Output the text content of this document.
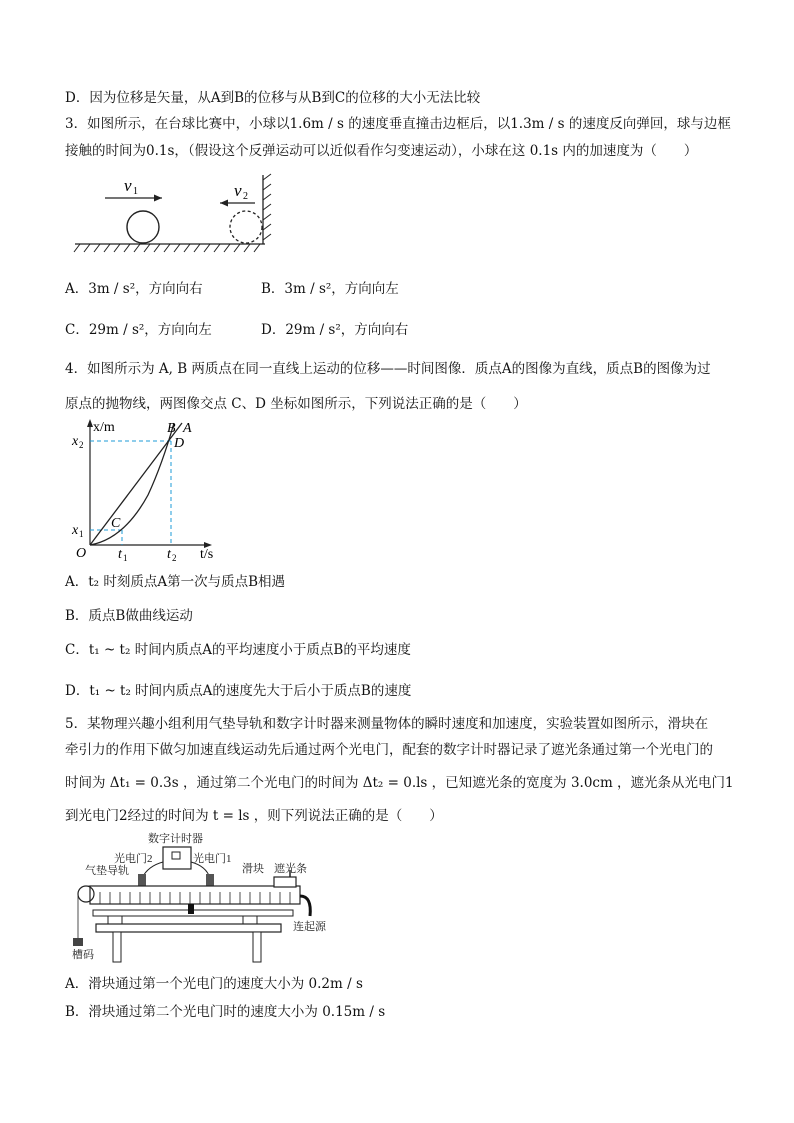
D．因为位移是矢量，从A到B的位移与从B到C的位移的大小无法比较
3．如图所示，在台球比赛中，小球以1.6m / s 的速度垂直撞击边框后，以1.3m / s 的速度反向弹回，球与边框
接触的时间为0.1s，（假设这个反弹运动可以近似看作匀变速运动），小球在这 0.1s 内的加速度为（　　）
v 1	v 2
A．3m / s²，方向向右	B．3m / s²，方向向左
C．29m / s²，方向向左	D．29m / s²，方向向右
4．如图所示为 A, B 两质点在同一直线上运动的位移——时间图像．质点A的图像为直线，质点B的图像为过
原点的抛物线，两图像交点 C、D 坐标如图所示，下列说法正确的是（　　）
x/m
t/s
O
B A
C
D
x 1
x 2
t 1	t 2
A．t₂ 时刻质点A第一次与质点B相遇
B．质点B做曲线运动
C．t₁ ~ t₂ 时间内质点A的平均速度小于质点B的平均速度
D．t₁ ~ t₂ 时间内质点A的速度先大于后小于质点B的速度
5．某物理兴趣小组利用气垫导轨和数字计时器来测量物体的瞬时速度和加速度，实验装置如图所示，滑块在
牵引力的作用下做匀加速直线运动先后通过两个光电门，配套的数字计时器记录了遮光条通过第一个光电门的
时间为 Δt₁ = 0.3s ，通过第二个光电门的时间为 Δt₂ = 0.ls ，已知遮光条的宽度为 3.0cm ，遮光条从光电门1
到光电门2经过的时间为 t = ls ，则下列说法正确的是（　　）
数字计时器
光电门2	光电门1
气垫导轨	滑块 遮光条
连起源
槽码
A．滑块通过第一个光电门的速度大小为 0.2m / s
B．滑块通过第二个光电门时的速度大小为 0.15m / s
